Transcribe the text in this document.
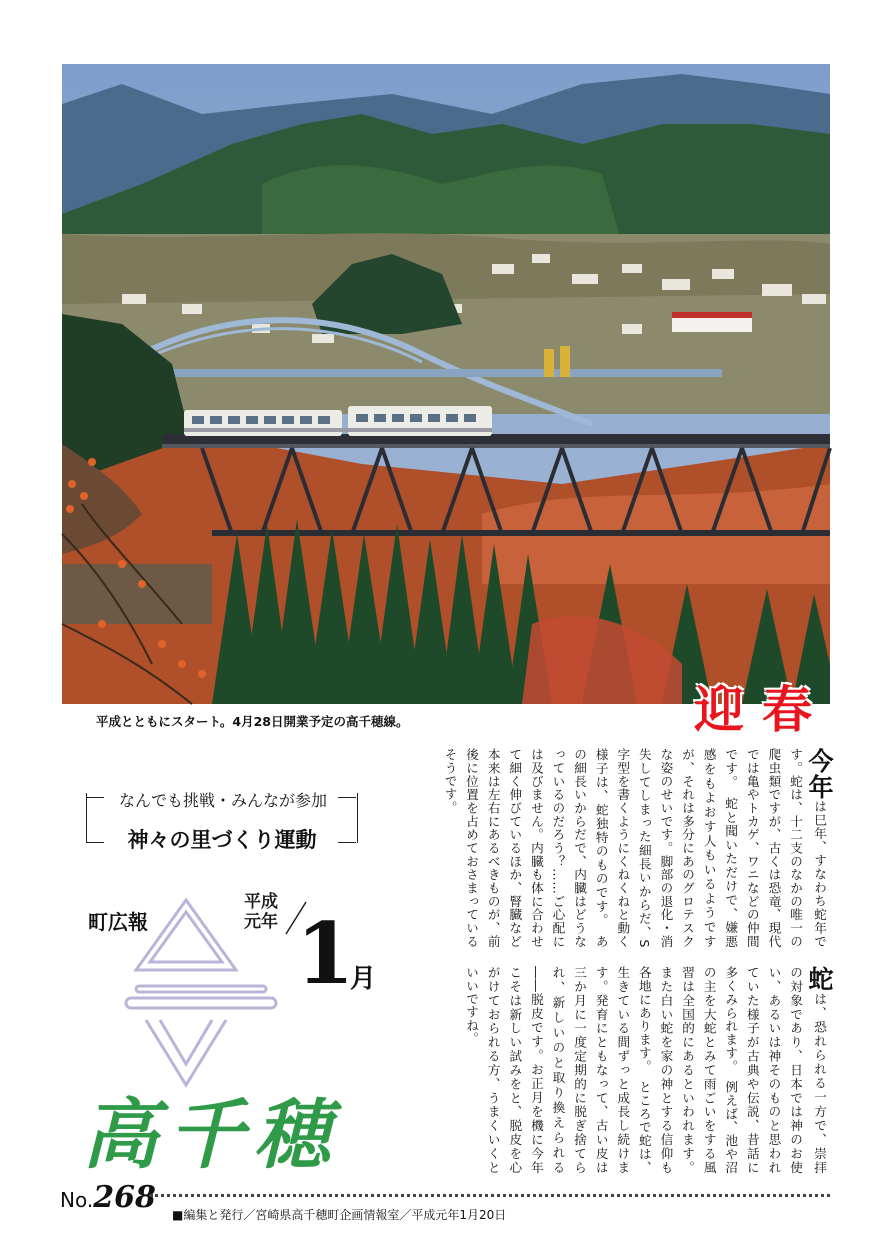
迎春
平成とともにスタート。4月28日開業予定の高千穂線。
なんでも挑戦・みんなが参加
神々の里づくり運動
町広報
平成
元年 1
月
高千穂
No.268 ■編集と発行／宮崎県高千穂町企画情報室／平成元年1月20日
今年は巳年、すなわち蛇年です。蛇は、十二支のなかの唯一の爬虫類ですが、古くは恐竜、現代では亀やトカゲ、ワニなどの仲間です。　蛇と聞いただけで、嫌悪感をもよおす人もいるようですが、それは多分にあのグロテスクな姿のせいです。脚部の退化・消失してしまった細長いからだ、S字型を書くようにくねくねと動く様子は、蛇独特のものです。　あの細長いからだで、内臓はどうなっているのだろう？……ご心配には及びません。内臓も体に合わせて細く伸びているほか、腎臓など本来は左右にあるべきものが、前後に位置を占めておさまっているそうです。
蛇は、恐れられる一方で、崇拝の対象であり、日本では神のお使い、あるいは神そのものと思われていた様子が古典や伝説、昔話に多くみられます。　例えば、池や沼の主を大蛇とみて雨ごいをする風習は全国的にあるといわれます。また白い蛇を家の神とする信仰も各地にあります。　ところで蛇は、生きている間ずっと成長し続けます。発育にともなって、古い皮は三か月に一度定期的に脱ぎ捨てられ、新しいのと取り換えられる――脱皮です。お正月を機に今年こそは新しい試みをと、脱皮を心がけておられる方、うまくいくといいですね。
